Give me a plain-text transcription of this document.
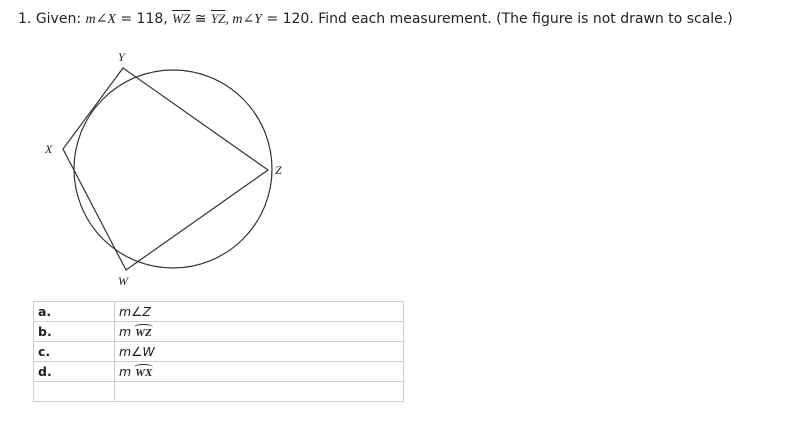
1. Given: m∠X = 118, $\overline{WZ}$ ≅ $\overline{YZ}$, m∠Y = 120. Find each measurement. (The figure is not drawn to scale.)
Y
X
Z
W
a.	m∠Z
b.	m WZ
c.	m∠W
d.	m WX
